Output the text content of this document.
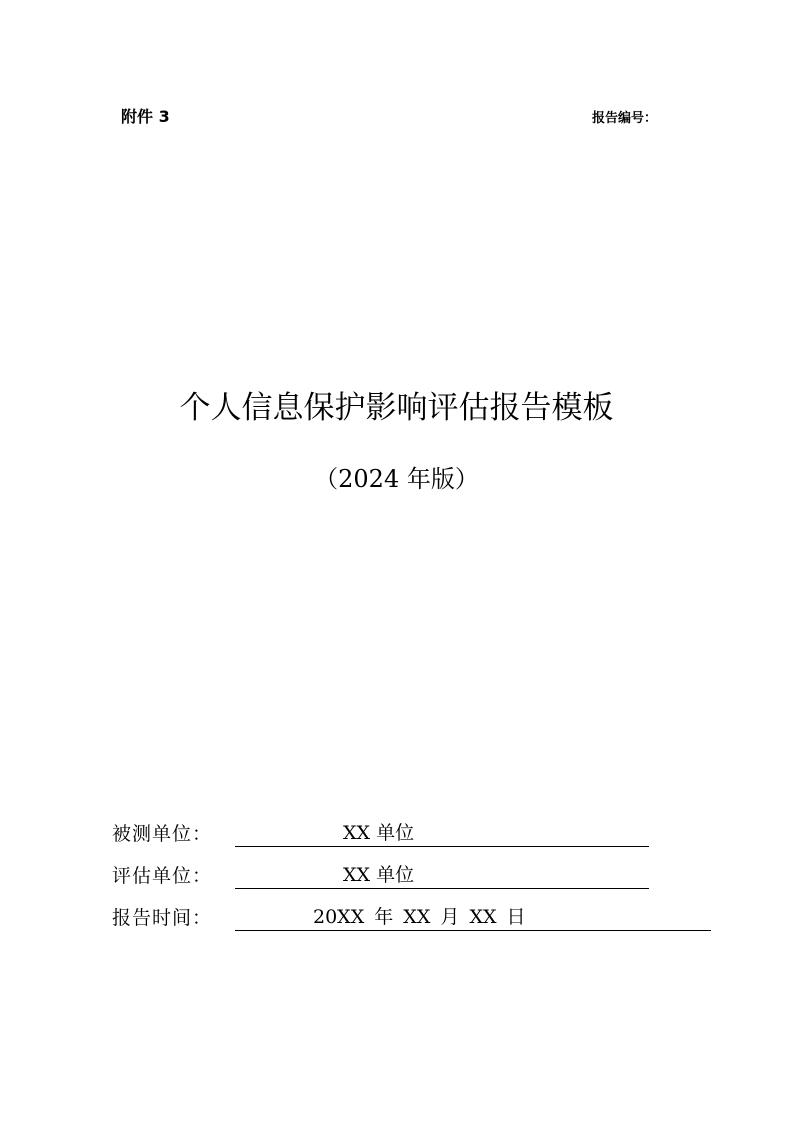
附件 3	报告编号：
个人信息保护影响评估报告模板
（2024 年版）
被测单位：	XX 单位
评估单位：	XX 单位
报告时间：	20XX 年 XX 月 XX 日
